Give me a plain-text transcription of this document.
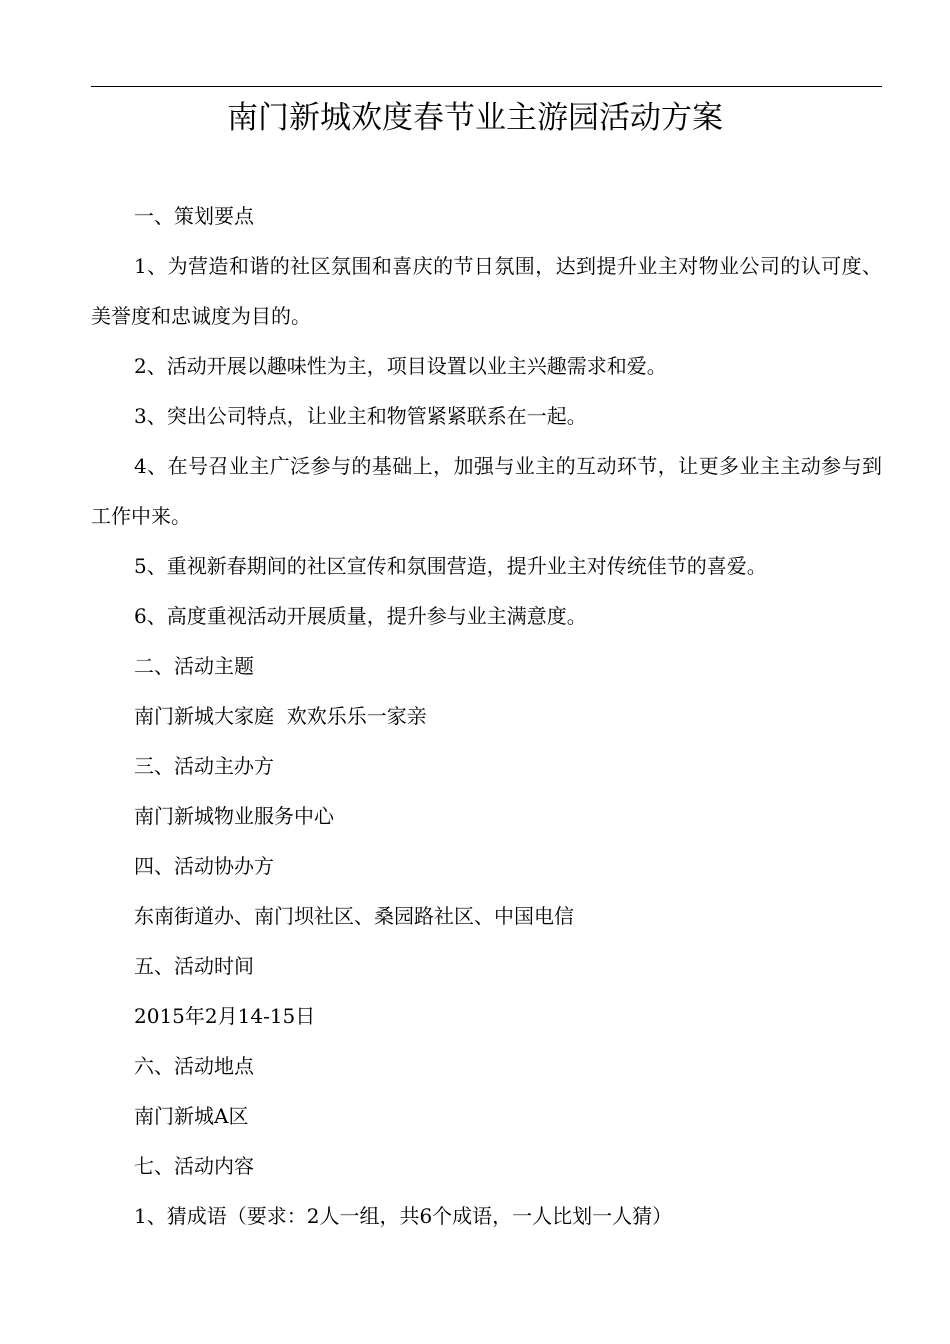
南门新城欢度春节业主游园活动方案

一、策划要点

1、为营造和谐的社区氛围和喜庆的节日氛围，达到提升业主对物业公司的认可度、美誉度和忠诚度为目的。

2、活动开展以趣味性为主，项目设置以业主兴趣需求和爱。

3、突出公司特点，让业主和物管紧紧联系在一起。

4、在号召业主广泛参与的基础上，加强与业主的互动环节，让更多业主主动参与到工作中来。

5、重视新春期间的社区宣传和氛围营造，提升业主对传统佳节的喜爱。

6、高度重视活动开展质量，提升参与业主满意度。

二、活动主题

南门新城大家庭  欢欢乐乐一家亲

三、活动主办方

南门新城物业服务中心

四、活动协办方

东南街道办、南门坝社区、桑园路社区、中国电信

五、活动时间

2015年2月14-15日

六、活动地点

南门新城A区

七、活动内容

1、猜成语（要求：2人一组，共6个成语，一人比划一人猜）
